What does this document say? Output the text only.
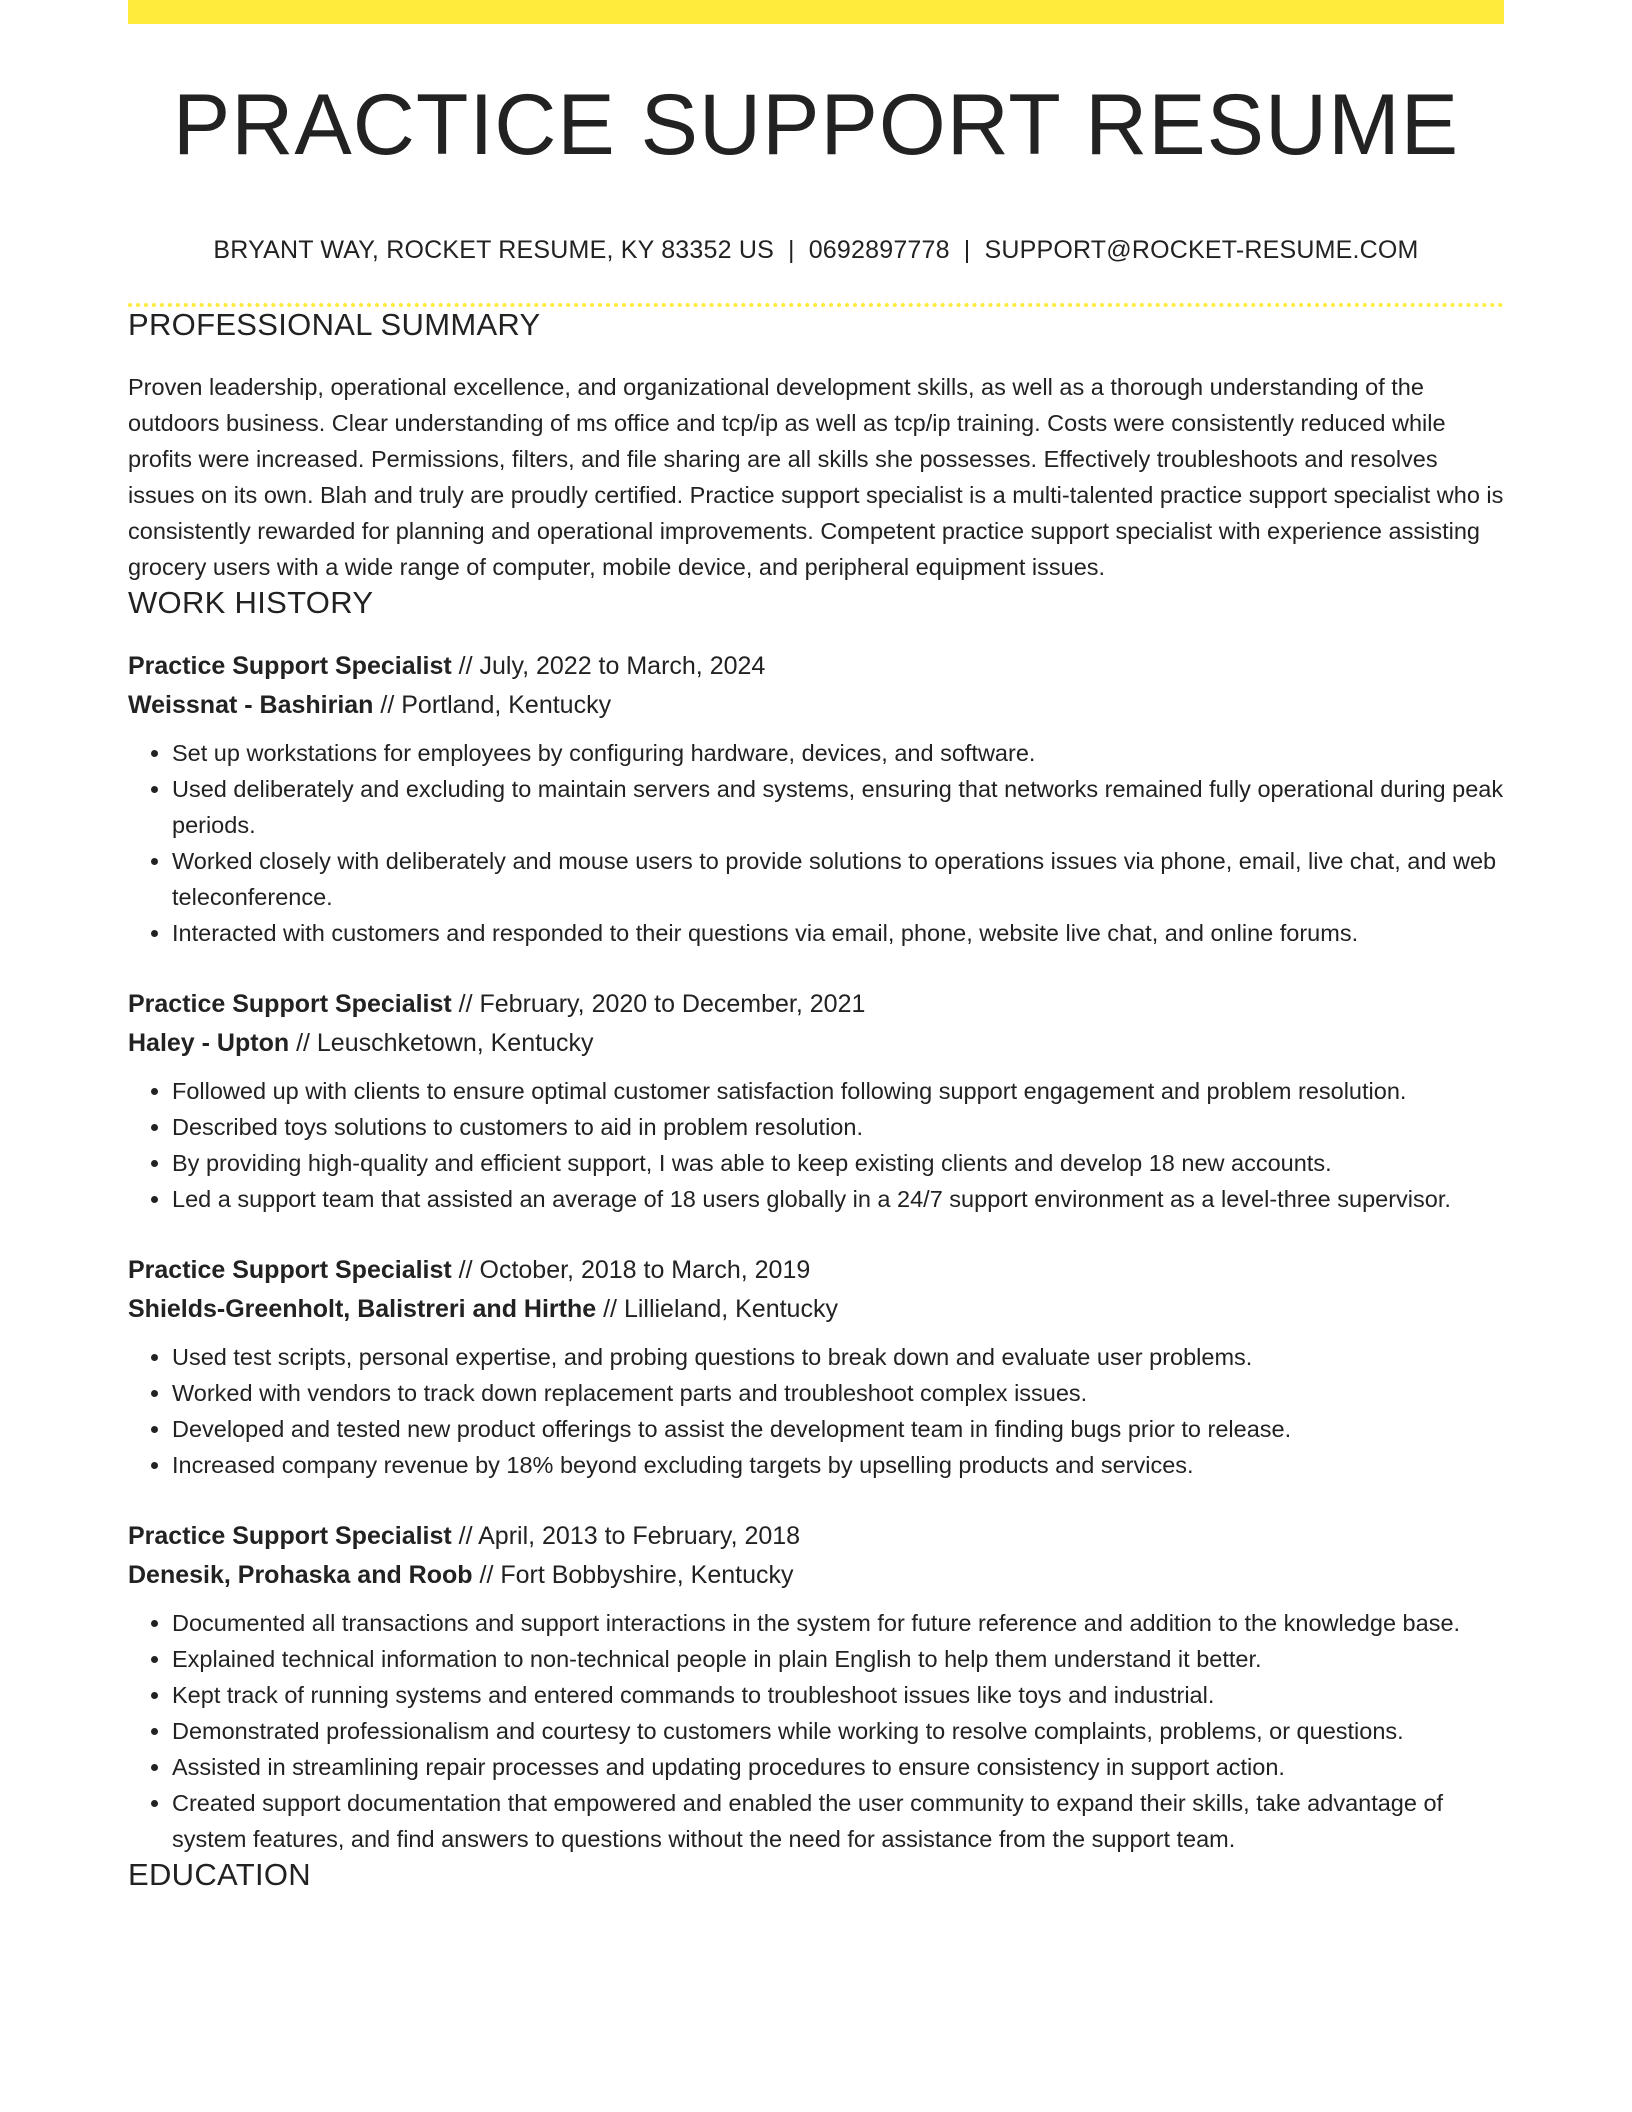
PRACTICE SUPPORT RESUME
BRYANT WAY, ROCKET RESUME, KY 83352 US | 0692897778 | SUPPORT@ROCKET-RESUME.COM
PROFESSIONAL SUMMARY
Proven leadership, operational excellence, and organizational development skills, as well as a thorough understanding of the outdoors business. Clear understanding of ms office and tcp/ip as well as tcp/ip training. Costs were consistently reduced while profits were increased. Permissions, filters, and file sharing are all skills she possesses. Effectively troubleshoots and resolves issues on its own. Blah and truly are proudly certified. Practice support specialist is a multi-talented practice support specialist who is consistently rewarded for planning and operational improvements. Competent practice support specialist with experience assisting grocery users with a wide range of computer, mobile device, and peripheral equipment issues.
WORK HISTORY
Practice Support Specialist // July, 2022 to March, 2024
Weissnat - Bashirian // Portland, Kentucky
• Set up workstations for employees by configuring hardware, devices, and software.
• Used deliberately and excluding to maintain servers and systems, ensuring that networks remained fully operational during peak periods.
• Worked closely with deliberately and mouse users to provide solutions to operations issues via phone, email, live chat, and web teleconference.
• Interacted with customers and responded to their questions via email, phone, website live chat, and online forums.
Practice Support Specialist // February, 2020 to December, 2021
Haley - Upton // Leuschketown, Kentucky
• Followed up with clients to ensure optimal customer satisfaction following support engagement and problem resolution.
• Described toys solutions to customers to aid in problem resolution.
• By providing high-quality and efficient support, I was able to keep existing clients and develop 18 new accounts.
• Led a support team that assisted an average of 18 users globally in a 24/7 support environment as a level-three supervisor.
Practice Support Specialist // October, 2018 to March, 2019
Shields-Greenholt, Balistreri and Hirthe // Lillieland, Kentucky
• Used test scripts, personal expertise, and probing questions to break down and evaluate user problems.
• Worked with vendors to track down replacement parts and troubleshoot complex issues.
• Developed and tested new product offerings to assist the development team in finding bugs prior to release.
• Increased company revenue by 18% beyond excluding targets by upselling products and services.
Practice Support Specialist // April, 2013 to February, 2018
Denesik, Prohaska and Roob // Fort Bobbyshire, Kentucky
• Documented all transactions and support interactions in the system for future reference and addition to the knowledge base.
• Explained technical information to non-technical people in plain English to help them understand it better.
• Kept track of running systems and entered commands to troubleshoot issues like toys and industrial.
• Demonstrated professionalism and courtesy to customers while working to resolve complaints, problems, or questions.
• Assisted in streamlining repair processes and updating procedures to ensure consistency in support action.
• Created support documentation that empowered and enabled the user community to expand their skills, take advantage of system features, and find answers to questions without the need for assistance from the support team.
EDUCATION
